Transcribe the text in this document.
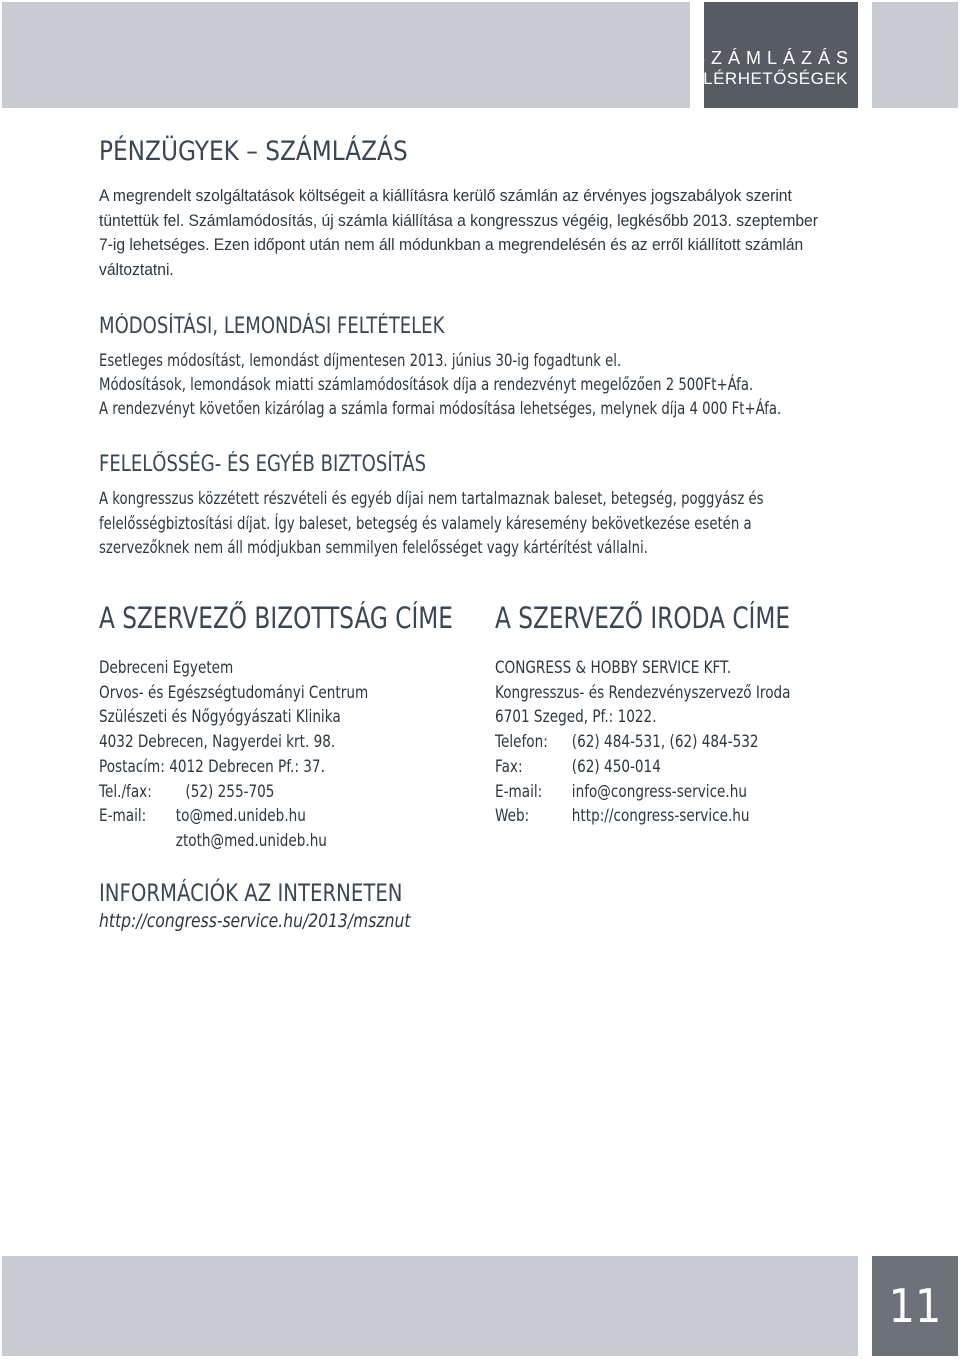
SZÁMLÁZÁS
ELÉRHETŐSÉGEK
PÉNZÜGYEK – SZÁMLÁZÁS
A megrendelt szolgáltatások költségeit a kiállításra kerülő számlán az érvényes jogszabályok szerint
tüntettük fel. Számlamódosítás, új számla kiállítása a kongresszus végéig, legkésőbb 2013. szeptember
7-ig lehetséges. Ezen időpont után nem áll módunkban a megrendelésén és az erről kiállított számlán
változtatni.
MÓDOSÍTÁSI, LEMONDÁSI FELTÉTELEK
Esetleges módosítást, lemondást díjmentesen 2013. június 30-ig fogadtunk el.
Módosítások, lemondások miatti számlamódosítások díja a rendezvényt megelőzően 2 500Ft+Áfa.
A rendezvényt követően kizárólag a számla formai módosítása lehetséges, melynek díja 4 000 Ft+Áfa.
FELELŐSSÉG- ÉS EGYÉB BIZTOSÍTÁS
A kongresszus közzétett részvételi és egyéb díjai nem tartalmaznak baleset, betegség, poggyász és
felelősségbiztosítási díjat. Így baleset, betegség és valamely káresemény bekövetkezése esetén a
szervezőknek nem áll módjukban semmilyen felelősséget vagy kártérítést vállalni.
A SZERVEZŐ BIZOTTSÁG CÍME
Debreceni Egyetem
Orvos- és Egészségtudományi Centrum
Szülészeti és Nőgyógyászati Klinika
4032 Debrecen, Nagyerdei krt. 98.
Postacím: 4012 Debrecen Pf.: 37.
Tel./fax: (52) 255-705
E-mail: to@med.unideb.hu
ztoth@med.unideb.hu
A SZERVEZŐ IRODA CÍME
CONGRESS & HOBBY SERVICE KFT.
Kongresszus- és Rendezvényszervező Iroda
6701 Szeged, Pf.: 1022.
Telefon: (62) 484-531, (62) 484-532
Fax:	(62) 450-014
E-mail: info@congress-service.hu
Web:	http://congress-service.hu
INFORMÁCIÓK AZ INTERNETEN
http://congress-service.hu/2013/msznut
11
